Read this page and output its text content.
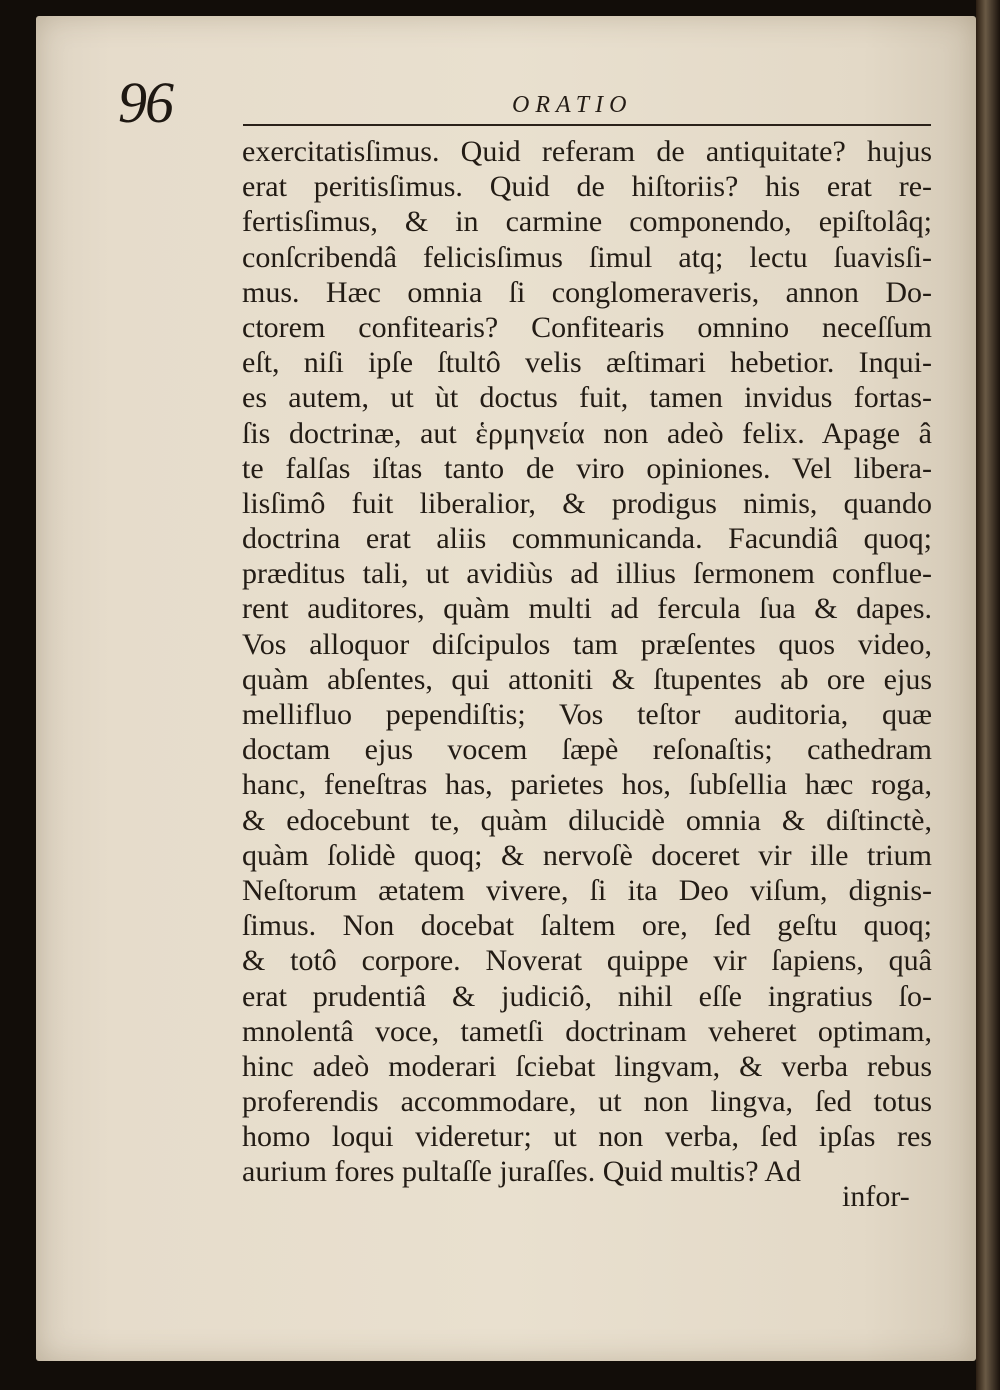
96	ORATIO
exercitatisſimus. Quid referam de antiquitate? hujus
erat peritisſimus. Quid de hiſtoriis? his erat re-
fertisſimus, & in carmine componendo, epiſtolâq;
conſcribendâ felicisſimus ſimul atq; lectu ſuavisſi-
mus. Hæc omnia ſi conglomeraveris, annon Do-
ctorem confitearis? Confitearis omnino neceſſum
eſt, niſi ipſe ſtultô velis æſtimari hebetior. Inqui-
es autem, ut ùt doctus fuit, tamen invidus fortas-
ſis doctrinæ, aut ἑρμηνεία non adeò felix. Apage â
te falſas iſtas tanto de viro opiniones. Vel libera-
lisſimô fuit liberalior, & prodigus nimis, quando
doctrina erat aliis communicanda. Facundiâ quoq;
præditus tali, ut avidiùs ad illius ſermonem conflue-
rent auditores, quàm multi ad fercula ſua & dapes.
Vos alloquor diſcipulos tam præſentes quos video,
quàm abſentes, qui attoniti & ſtupentes ab ore ejus
mellifluo pependiſtis; Vos teſtor auditoria, quæ
doctam ejus vocem ſæpè reſonaſtis; cathedram
hanc, feneſtras has, parietes hos, ſubſellia hæc roga,
& edocebunt te, quàm dilucidè omnia & diſtinctè,
quàm ſolidè quoq; & nervoſè doceret vir ille trium
Neſtorum ætatem vivere, ſi ita Deo viſum, dignis-
ſimus. Non docebat ſaltem ore, ſed geſtu quoq;
& totô corpore. Noverat quippe vir ſapiens, quâ
erat prudentiâ & judiciô, nihil eſſe ingratius ſo-
mnolentâ voce, tametſi doctrinam veheret optimam,
hinc adeò moderari ſciebat lingvam, & verba rebus
proferendis accommodare, ut non lingva, ſed totus
homo loqui videretur; ut non verba, ſed ipſas res
aurium fores pultaſſe juraſſes. Quid multis? Ad
infor-
